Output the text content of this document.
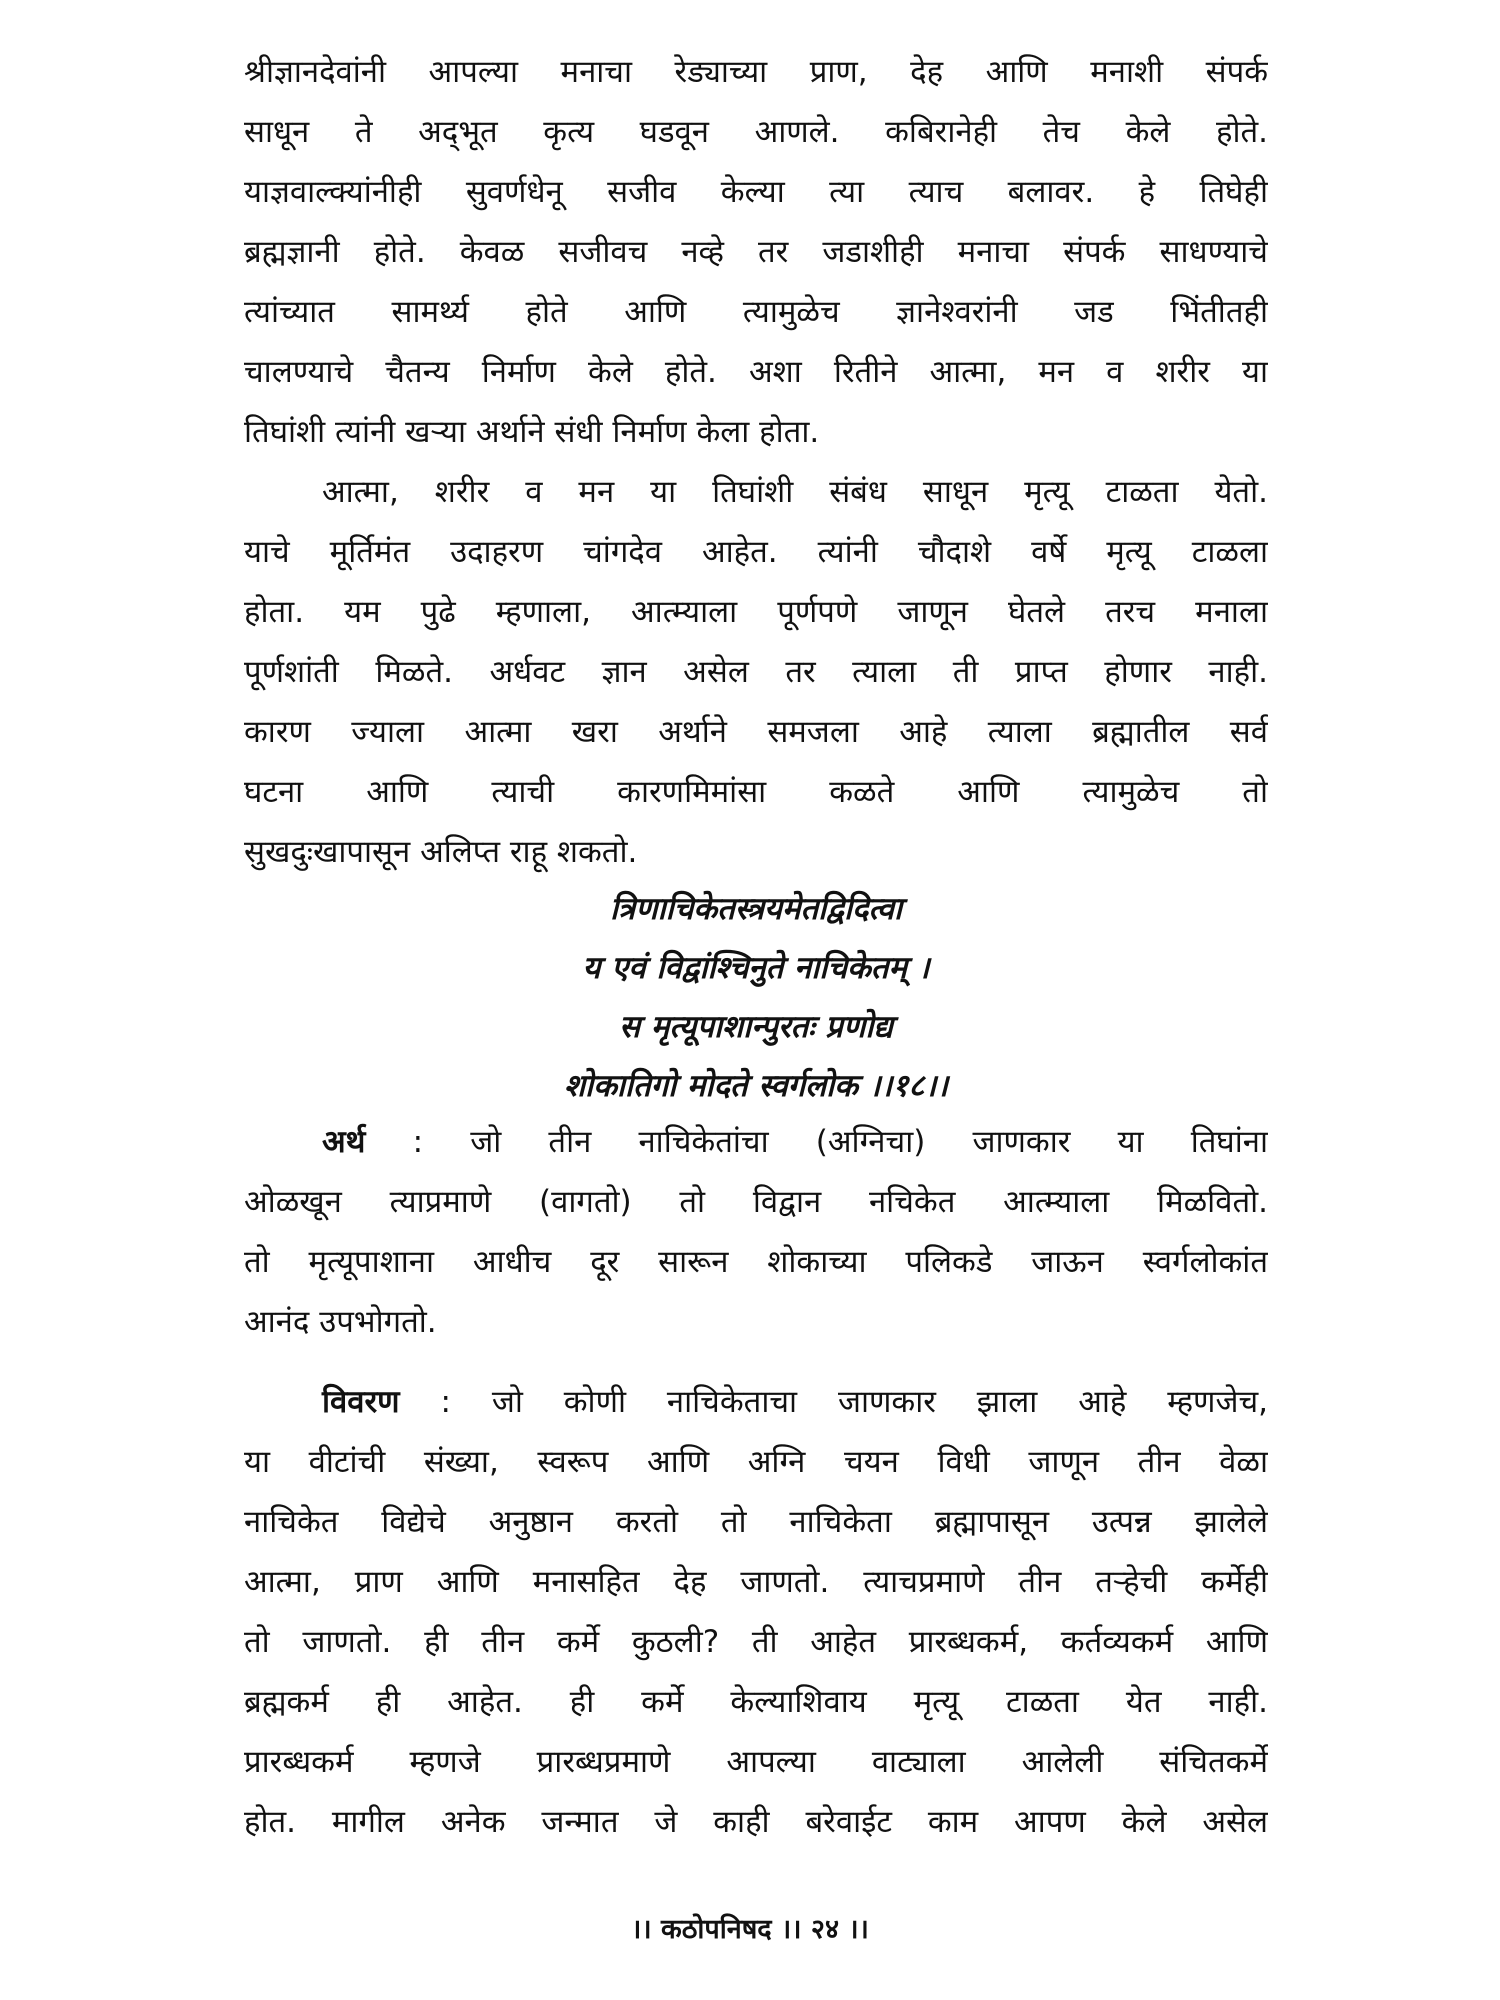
श्रीज्ञानदेवांनी आपल्या मनाचा रेड्याच्या प्राण, देह आणि मनाशी संपर्क
साधून ते अद्‌भूत कृत्य घडवून आणले. कबिरानेही तेच केले होते.
याज्ञवाल्क्यांनीही सुवर्णधेनू सजीव केल्या त्या त्याच बलावर. हे तिघेही
ब्रह्मज्ञानी होते. केवळ सजीवच नव्हे तर जडाशीही मनाचा संपर्क साधण्याचे
त्यांच्यात सामर्थ्य होते आणि त्यामुळेच ज्ञानेश्वरांनी जड भिंतीतही
चालण्याचे चैतन्य निर्माण केले होते. अशा रितीने आत्मा, मन व शरीर या
तिघांशी त्यांनी खऱ्या अर्थाने संधी निर्माण केला होता.
आत्मा, शरीर व मन या तिघांशी संबंध साधून मृत्यू टाळता येतो.
याचे मूर्तिमंत उदाहरण चांगदेव आहेत. त्यांनी चौदाशे वर्षे मृत्यू टाळला
होता. यम पुढे म्हणाला, आत्म्याला पूर्णपणे जाणून घेतले तरच मनाला
पूर्णशांती मिळते. अर्धवट ज्ञान असेल तर त्याला ती प्राप्त होणार नाही.
कारण ज्याला आत्मा खरा अर्थाने समजला आहे त्याला ब्रह्मातील सर्व
घटना आणि त्याची कारणमिमांसा कळते आणि त्यामुळेच तो
सुखदुःखापासून अलिप्त राहू शकतो.
त्रिणाचिकेतस्त्रयमेतद्विदित्वा
य एवं विद्वांश्चिनुते नाचिकेतम् ।
स मृत्यूपाशान्पुरतः प्रणोद्य
शोकातिगो मोदते स्वर्गलोक ।।१८।।
अर्थ : जो तीन नाचिकेतांचा (अग्निचा) जाणकार या तिघांना
ओळखून त्याप्रमाणे (वागतो) तो विद्वान नचिकेत आत्म्याला मिळवितो.
तो मृत्यूपाशाना आधीच दूर सारून शोकाच्या पलिकडे जाऊन स्वर्गलोकांत
आनंद उपभोगतो.
विवरण : जो कोणी नाचिकेताचा जाणकार झाला आहे म्हणजेच,
या वीटांची संख्या, स्वरूप आणि अग्नि चयन विधी जाणून तीन वेळा
नाचिकेत विद्येचे अनुष्ठान करतो तो नाचिकेता ब्रह्मापासून उत्पन्न झालेले
आत्मा, प्राण आणि मनासहित देह जाणतो. त्याचप्रमाणे तीन तऱ्हेची कर्मेही
तो जाणतो. ही तीन कर्मे कुठली? ती आहेत प्रारब्धकर्म, कर्तव्यकर्म आणि
ब्रह्मकर्म ही आहेत. ही कर्मे केल्याशिवाय मृत्यू टाळता येत नाही.
प्रारब्धकर्म म्हणजे प्रारब्धप्रमाणे आपल्या वाट्याला आलेली संचितकर्मे
होत. मागील अनेक जन्मात जे काही बरेवाईट काम आपण केले असेल
।। कठोपनिषद ।। २४ ।।
